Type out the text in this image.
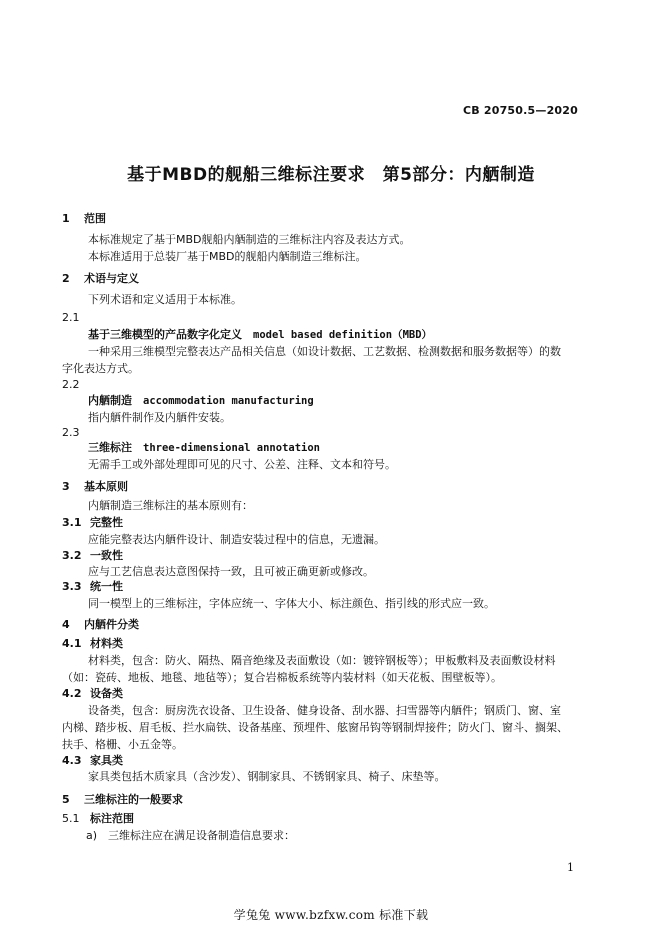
CB 20750.5—2020
基于MBD的舰船三维标注要求　第5部分：内舾制造
1 范围
本标准规定了基于MBD舰船内舾制造的三维标注内容及表达方式。
本标准适用于总装厂基于MBD的舰船内舾制造三维标注。
2 术语与定义
下列术语和定义适用于本标准。
2.1
基于三维模型的产品数字化定义　 model based definition（MBD）
一种采用三维模型完整表达产品相关信息（如设计数据、工艺数据、检测数据和服务数据等）的数
字化表达方式。
2.2
内舾制造　 accommodation manufacturing
指内舾件制作及内舾件安装。
2.3
三维标注　 three-dimensional annotation
无需手工或外部处理即可见的尺寸、公差、注释、文本和符号。
3 基本原则
内舾制造三维标注的基本原则有：
3.1 完整性
应能完整表达内舾件设计、制造安装过程中的信息，无遗漏。
3.2 一致性
应与工艺信息表达意图保持一致，且可被正确更新或修改。
3.3 统一性
同一模型上的三维标注，字体应统一、字体大小、标注颜色、指引线的形式应一致。
4 内舾件分类
4.1 材料类
材料类，包含：防火、隔热、隔音绝缘及表面敷设（如：镀锌钢板等）；甲板敷料及表面敷设材料
（如：瓷砖、地板、地毯、地毡等）；复合岩棉板系统等内装材料（如天花板、围壁板等）。
4.2 设备类
设备类，包含：厨房洗衣设备、卫生设备、健身设备、刮水器、扫雪器等内舾件；钢质门、窗、室
内梯、踏步板、眉毛板、拦水扁铁、设备基座、预埋件、舷窗吊钩等钢制焊接件；防火门、窗斗、搁架、
扶手、格栅、小五金等。
4.3 家具类
家具类包括木质家具（含沙发）、钢制家具、不锈钢家具、椅子、床垫等。
5 三维标注的一般要求
5.1 标注范围
a)　三维标注应在满足设备制造信息要求：
1
学兔兔 www.bzfxw.com 标准下载
